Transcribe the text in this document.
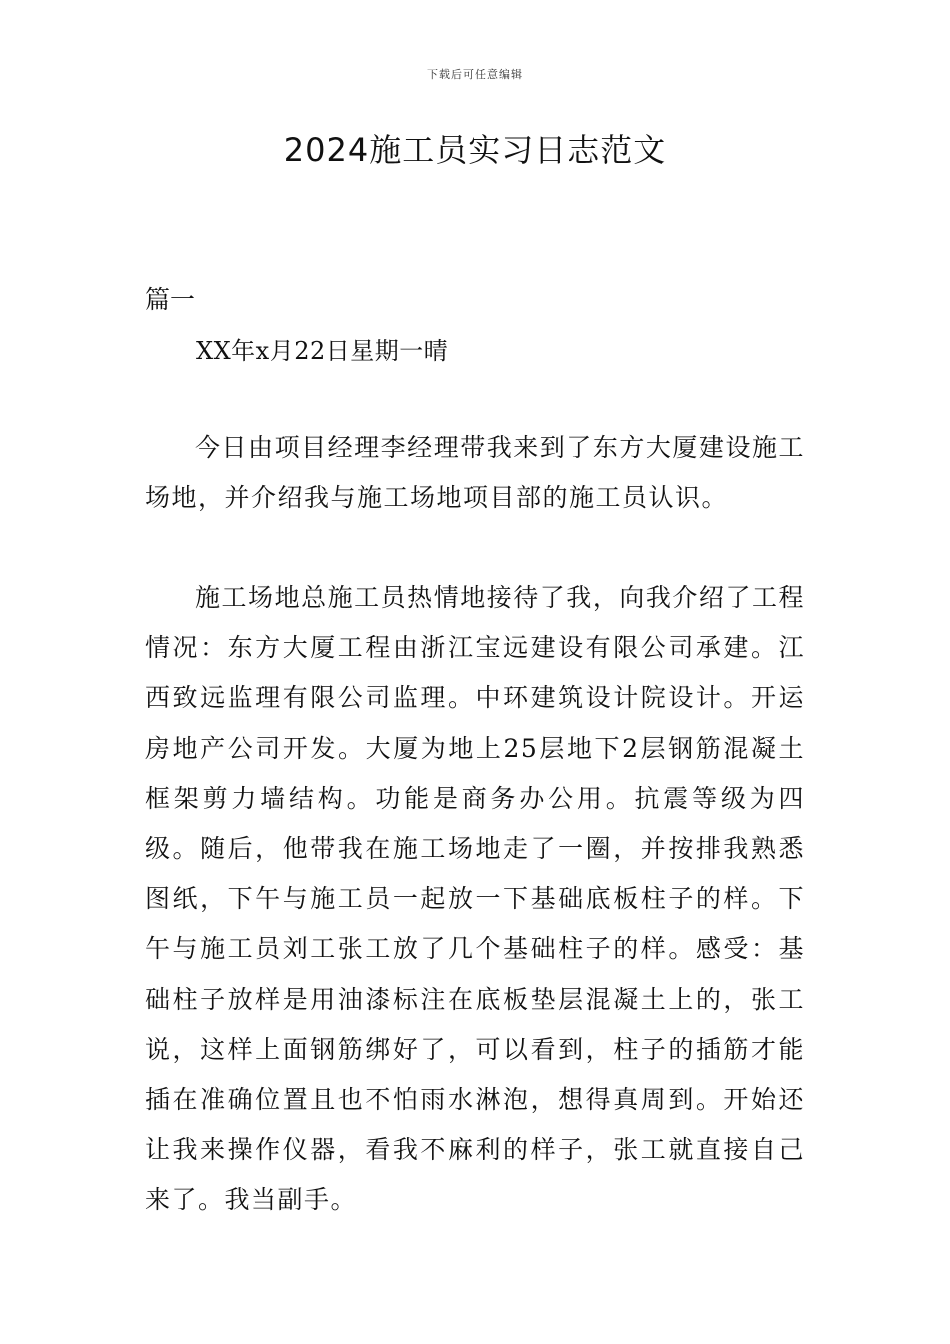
下载后可任意编辑
2024施工员实习日志范文
篇一
XX年x月22日星期一晴

今日由项目经理李经理带我来到了东方大厦建设施工场地，并介绍我与施工场地项目部的施工员认识。

施工场地总施工员热情地接待了我，向我介绍了工程情况：东方大厦工程由浙江宝远建设有限公司承建。江西致远监理有限公司监理。中环建筑设计院设计。开运房地产公司开发。大厦为地上25层地下2层钢筋混凝土框架剪力墙结构。功能是商务办公用。抗震等级为四级。随后，他带我在施工场地走了一圈，并按排我熟悉图纸，下午与施工员一起放一下基础底板柱子的样。下午与施工员刘工张工放了几个基础柱子的样。感受：基础柱子放样是用油漆标注在底板垫层混凝土上的，张工说，这样上面钢筋绑好了，可以看到，柱子的插筋才能插在准确位置且也不怕雨水淋泡，想得真周到。开始还让我来操作仪器，看我不麻利的样子，张工就直接自己来了。我当副手。
